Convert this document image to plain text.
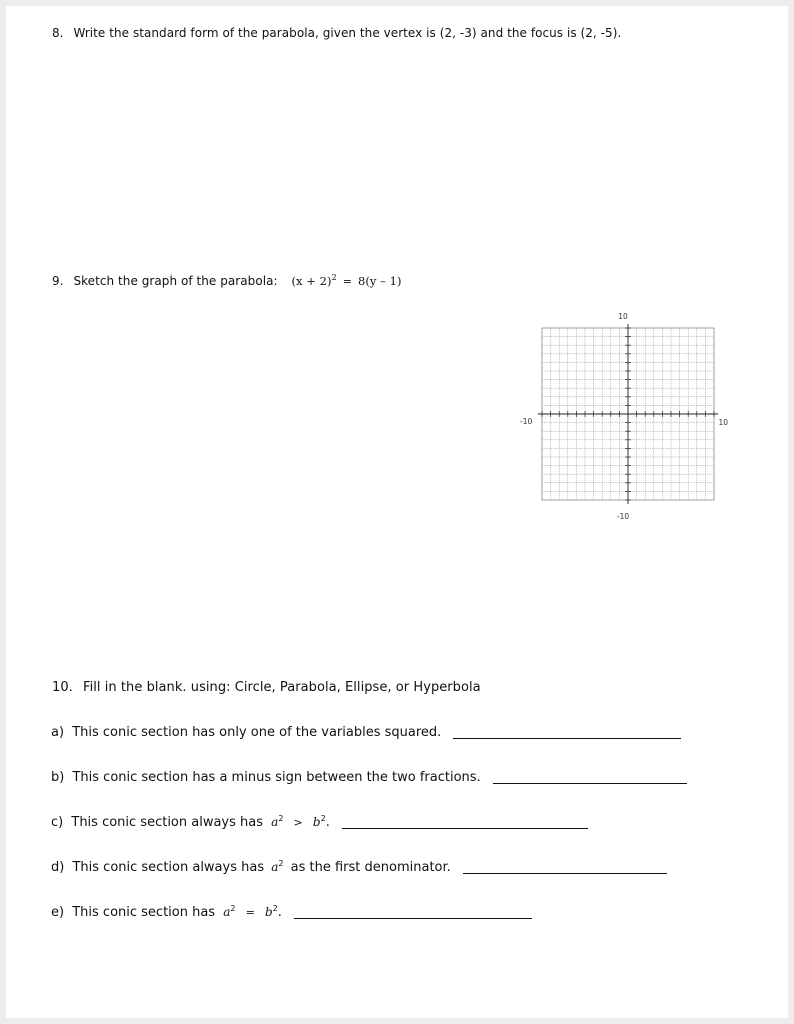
8. Write the standard form of the parabola, given the vertex is (2, -3) and the focus is (2, -5).
9. Sketch the graph of the parabola: $(x + 2)^2 = 8(y - 1)$
10
-10
-10	10
10. Fill in the blank. using: Circle, Parabola, Ellipse, or Hyperbola
a) This conic section has only one of the variables squared.
b) This conic section has a minus sign between the two fractions.
c) This conic section always has $a^2 > b^2$.
d) This conic section always has $a^2$ as the first denominator.
e) This conic section has $a^2 = b^2$.
